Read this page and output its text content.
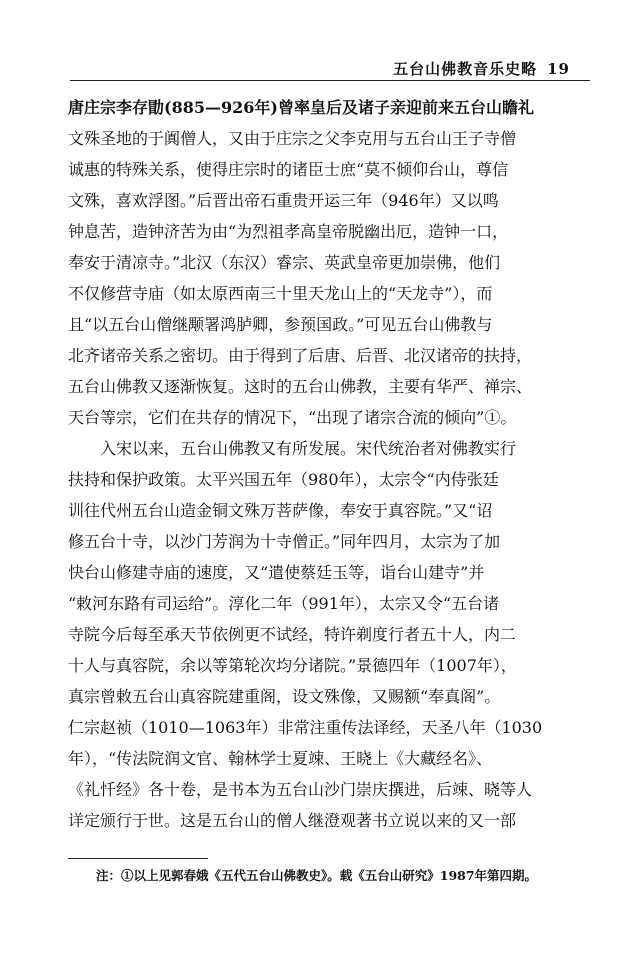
五台山佛教音乐史略 19
唐庄宗李存勖(885—926年)曾率皇后及诸子亲迎前来五台山瞻礼
文殊圣地的于阗僧人，又由于庄宗之父李克用与五台山王子寺僧
诚惠的特殊关系，使得庄宗时的诸臣士庶“莫不倾仰台山，尊信
文殊，喜欢浮图。”后晋出帝石重贵开运三年（946年）又以鸣
钟息苦，造钟济苦为由“为烈祖孝高皇帝脱幽出厄，造钟一口，
奉安于清凉寺。”北汉（东汉）睿宗、英武皇帝更加崇佛，他们
不仅修营寺庙（如太原西南三十里天龙山上的“天龙寺”），而
且“以五台山僧继颙署鸿胪卿，参预国政。”可见五台山佛教与
北齐诸帝关系之密切。由于得到了后唐、后晋、北汉诸帝的扶持，
五台山佛教又逐渐恢复。这时的五台山佛教，主要有华严、禅宗、
天台等宗，它们在共存的情况下，“出现了诸宗合流的倾向”①。
入宋以来，五台山佛教又有所发展。宋代统治者对佛教实行
扶持和保护政策。太平兴国五年（980年），太宗令“内侍张廷
训往代州五台山造金铜文殊万菩萨像，奉安于真容院。”又“诏
修五台十寺，以沙门芳润为十寺僧正。”同年四月，太宗为了加
快台山修建寺庙的速度，又“遣使蔡廷玉等，诣台山建寺”并
“敕河东路有司运给”。淳化二年（991年），太宗又令“五台诸
寺院今后每至承天节依例更不试经，特许剃度行者五十人，内二
十人与真容院，余以等第轮次均分诸院。”景德四年（1007年），
真宗曾敕五台山真容院建重阁，设文殊像，又赐额“奉真阁”。
仁宗赵祯（1010—1063年）非常注重传法译经，天圣八年（1030
年），“传法院润文官、翰林学士夏竦、王晓上《大藏经名》、
《礼忏经》各十卷，是书本为五台山沙门崇庆撰进，后竦、晓等人
详定颁行于世。这是五台山的僧人继澄观著书立说以来的又一部
注：①以上见郭春娥《五代五台山佛教史》。载《五台山研究》1987年第四期。
